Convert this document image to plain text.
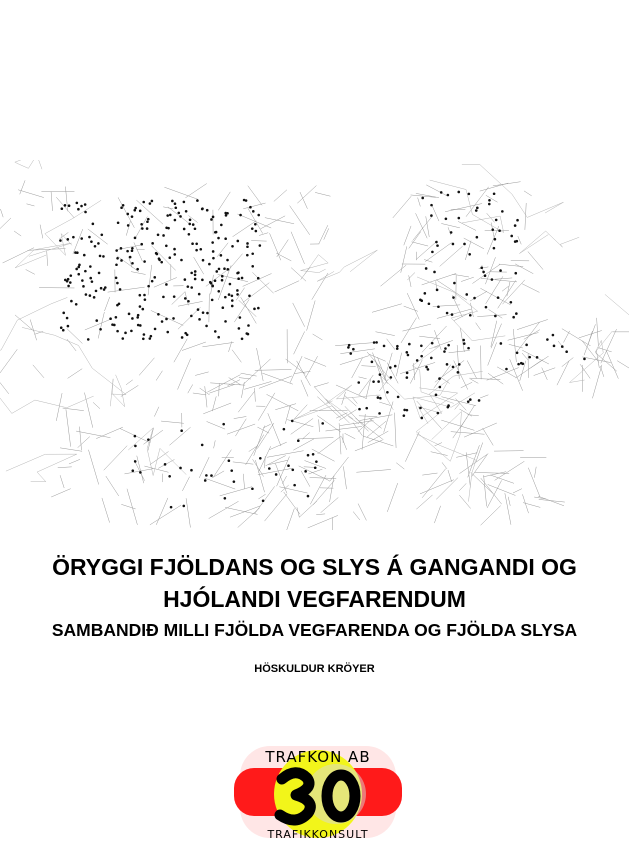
ÖRYGGI FJÖLDANS OG SLYS Á GANGANDI OG
HJÓLANDI VEGFARENDUM
SAMBANDIÐ MILLI FJÖLDA VEGFARENDA OG FJÖLDA SLYSA
HÖSKULDUR KRÖYER
TRAFKON AB
TRAFIKKONSULT
